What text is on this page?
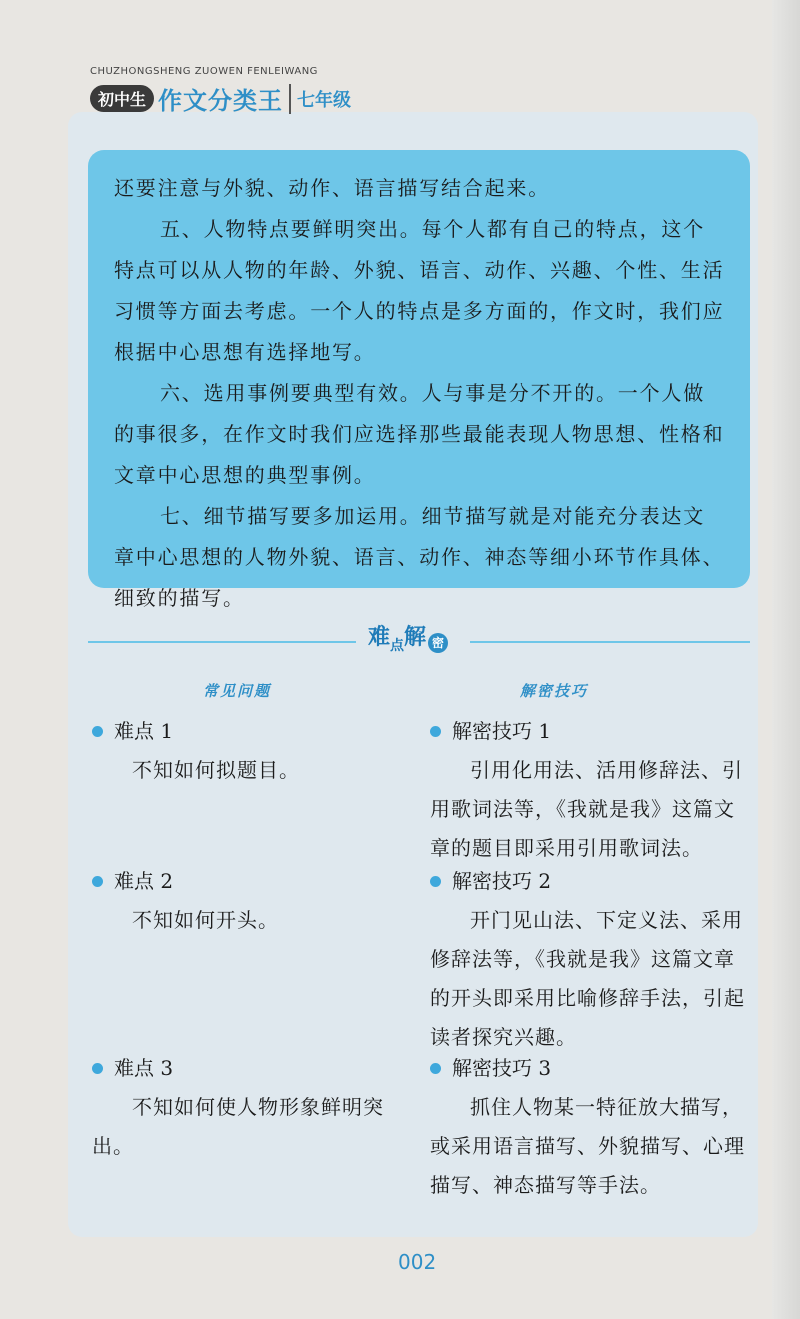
CHUZHONGSHENG ZUOWEN FENLEIWANG
初中生 作文分类王 七年级

还要注意与外貌、动作、语言描写结合起来。

五、人物特点要鲜明突出。每个人都有自己的特点，这个特点可以从人物的年龄、外貌、语言、动作、兴趣、个性、生活习惯等方面去考虑。一个人的特点是多方面的，作文时，我们应根据中心思想有选择地写。

六、选用事例要典型有效。人与事是分不开的。一个人做的事很多，在作文时我们应选择那些最能表现人物思想、性格和文章中心思想的典型事例。

七、细节描写要多加运用。细节描写就是对能充分表达文章中心思想的人物外貌、语言、动作、神态等细小环节作具体、细致的描写。

难 点 解 密
常见问题	解密技巧
难点 1
不知如何拟题目。
难点 2
不知如何开头。
难点 3
不知如何使人物形象鲜明突出。
解密技巧 1
引用化用法、活用修辞法、引用歌词法等，《我就是我》这篇文章的题目即采用引用歌词法。
解密技巧 2
开门见山法、下定义法、采用修辞法等，《我就是我》这篇文章的开头即采用比喻修辞手法，引起读者探究兴趣。
解密技巧 3
抓住人物某一特征放大描写，或采用语言描写、外貌描写、心理描写、神态描写等手法。
002
